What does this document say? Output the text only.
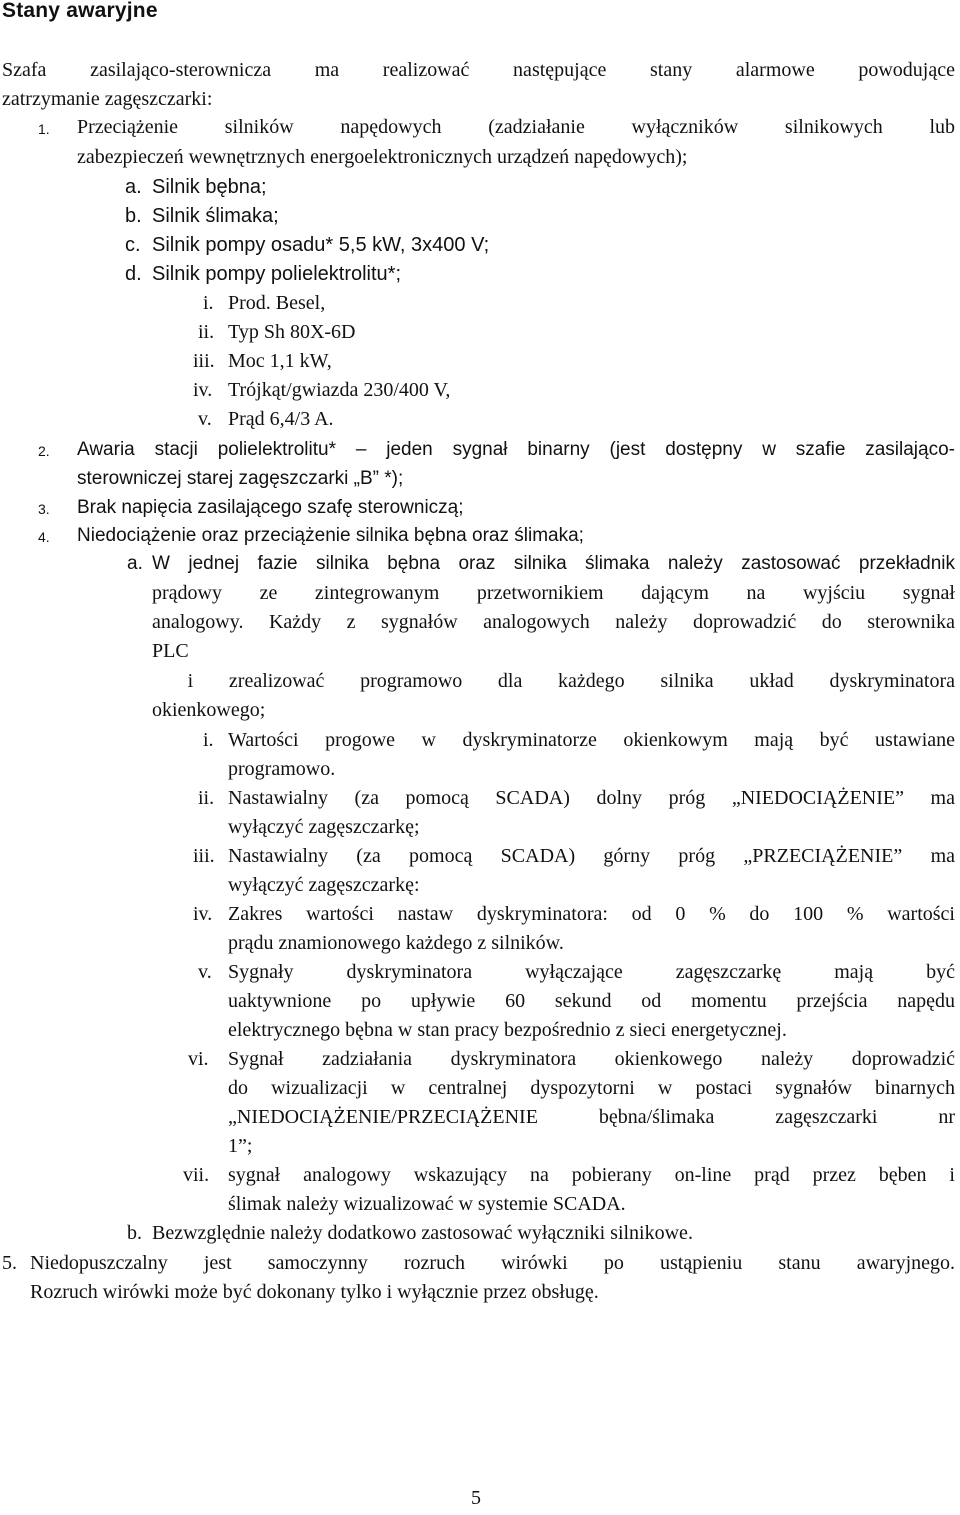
Stany awaryjne
Szafa zasilająco-sterownicza ma realizować następujące stany alarmowe powodujące
zatrzymanie zagęszczarki:
1. Przeciążenie silników napędowych (zadziałanie wyłączników silnikowych lub
zabezpieczeń wewnętrznych energoelektronicznych urządzeń napędowych);
a. Silnik bębna;
b. Silnik ślimaka;
c. Silnik pompy osadu* 5,5 kW, 3x400 V;
d. Silnik pompy polielektrolitu*;
i. Prod. Besel,
ii. Typ Sh 80X-6D
iii. Moc 1,1 kW,
iv. Trójkąt/gwiazda 230/400 V,
v. Prąd 6,4/3 A.
2. Awaria stacji polielektrolitu* – jeden sygnał binarny (jest dostępny w szafie zasilająco-
sterowniczej starej zagęszczarki „B” *);
3. Brak napięcia zasilającego szafę sterowniczą;
4. Niedociążenie oraz przeciążenie silnika bębna oraz ślimaka;
a. W jednej fazie silnika bębna oraz silnika ślimaka należy zastosować przekładnik
prądowy ze zintegrowanym przetwornikiem dającym na wyjściu sygnał
analogowy. Każdy z sygnałów analogowych należy doprowadzić do sterownika
PLC
i zrealizować programowo dla każdego silnika układ dyskryminatora
okienkowego;
i. Wartości progowe w dyskryminatorze okienkowym mają być ustawiane
programowo.
ii. Nastawialny (za pomocą SCADA) dolny próg „NIEDOCIĄŻENIE” ma
wyłączyć zagęszczarkę;
iii. Nastawialny (za pomocą SCADA) górny próg „PRZECIĄŻENIE” ma
wyłączyć zagęszczarkę:
iv. Zakres wartości nastaw dyskryminatora: od 0 % do 100 % wartości
prądu znamionowego każdego z silników.
v. Sygnały dyskryminatora wyłączające zagęszczarkę mają być
uaktywnione po upływie 60 sekund od momentu przejścia napędu
elektrycznego bębna w stan pracy bezpośrednio z sieci energetycznej.
vi. Sygnał zadziałania dyskryminatora okienkowego należy doprowadzić
do wizualizacji w centralnej dyspozytorni w postaci sygnałów binarnych
„NIEDOCIĄŻENIE/PRZECIĄŻENIE bębna/ślimaka zagęszczarki nr
1”;
vii. sygnał analogowy wskazujący na pobierany on-line prąd przez bęben i
ślimak należy wizualizować w systemie SCADA.
b. Bezwzględnie należy dodatkowo zastosować wyłączniki silnikowe.
5. Niedopuszczalny jest samoczynny rozruch wirówki po ustąpieniu stanu awaryjnego.
Rozruch wirówki może być dokonany tylko i wyłącznie przez obsługę.
5
